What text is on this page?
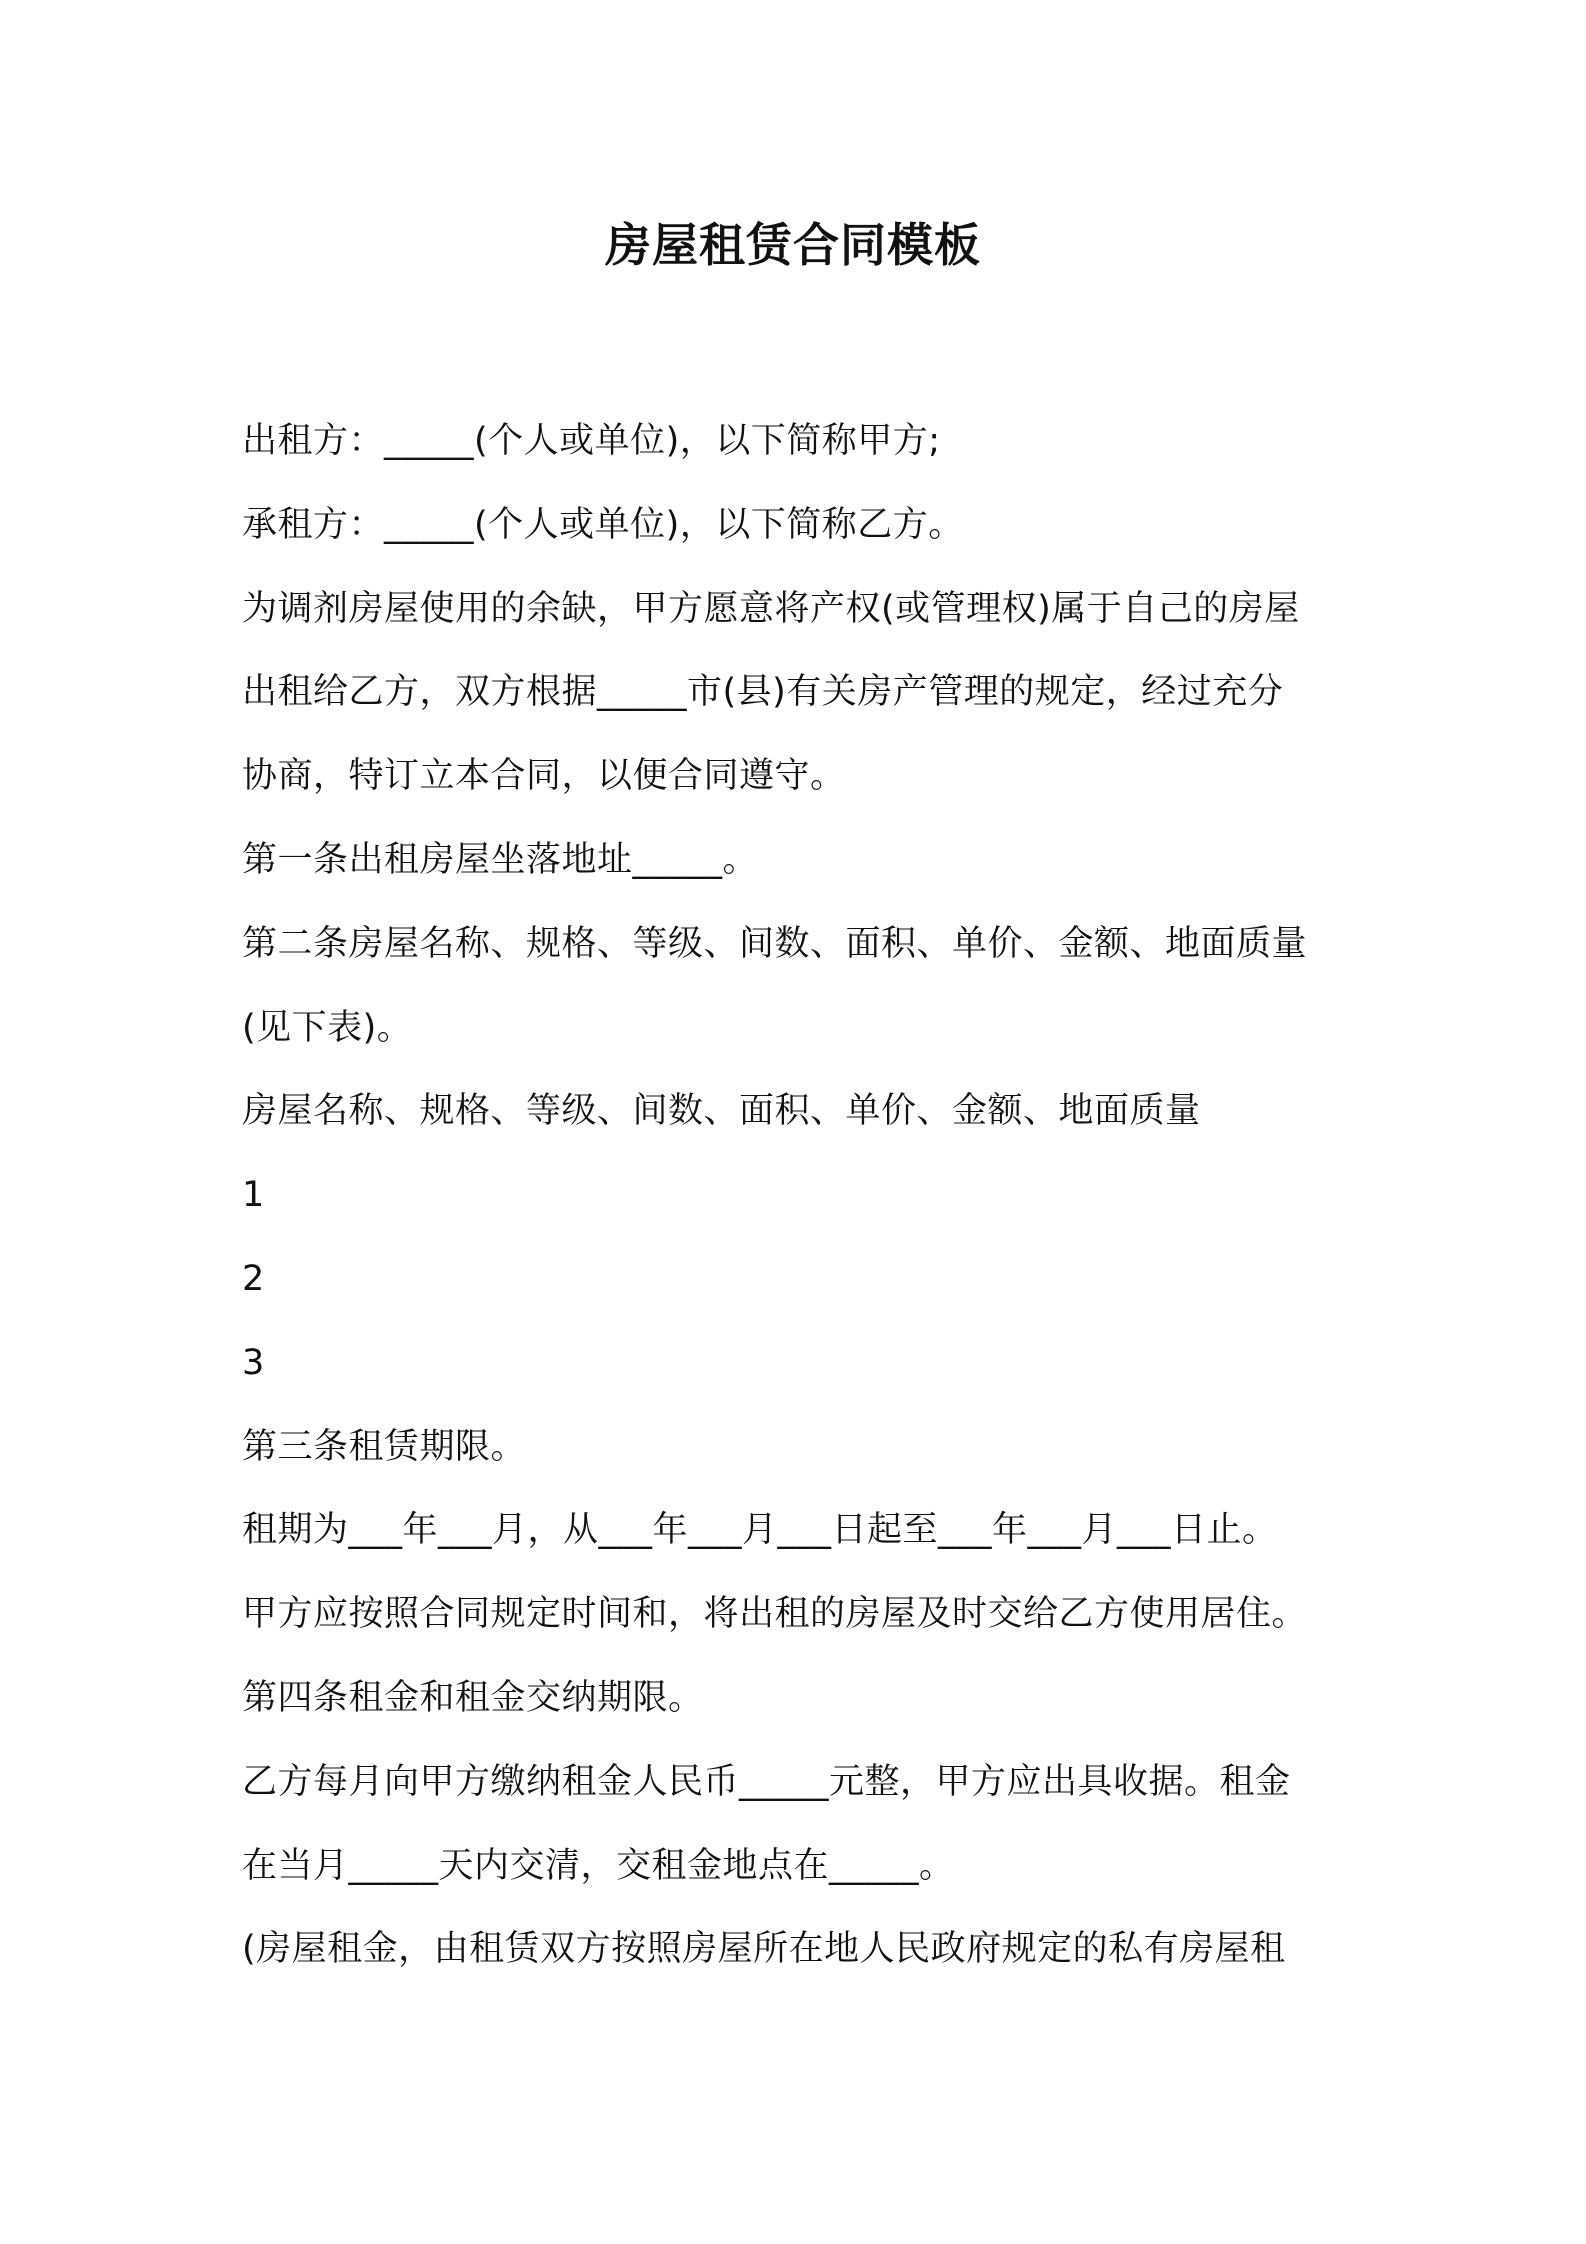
房屋租赁合同模板
出租方：_____(个人或单位)，以下简称甲方;
承租方：_____(个人或单位)，以下简称乙方。
为调剂房屋使用的余缺，甲方愿意将产权(或管理权)属于自己的房屋
出租给乙方，双方根据_____市(县)有关房产管理的规定，经过充分
协商，特订立本合同，以便合同遵守。
第一条出租房屋坐落地址_____。
第二条房屋名称、规格、等级、间数、面积、单价、金额、地面质量
(见下表)。
房屋名称、规格、等级、间数、面积、单价、金额、地面质量
1
2
3
第三条租赁期限。
租期为___年___月，从___年___月___日起至___年___月___日止。
甲方应按照合同规定时间和，将出租的房屋及时交给乙方使用居住。
第四条租金和租金交纳期限。
乙方每月向甲方缴纳租金人民币_____元整，甲方应出具收据。租金
在当月_____天内交清，交租金地点在_____。
(房屋租金，由租赁双方按照房屋所在地人民政府规定的私有房屋租
